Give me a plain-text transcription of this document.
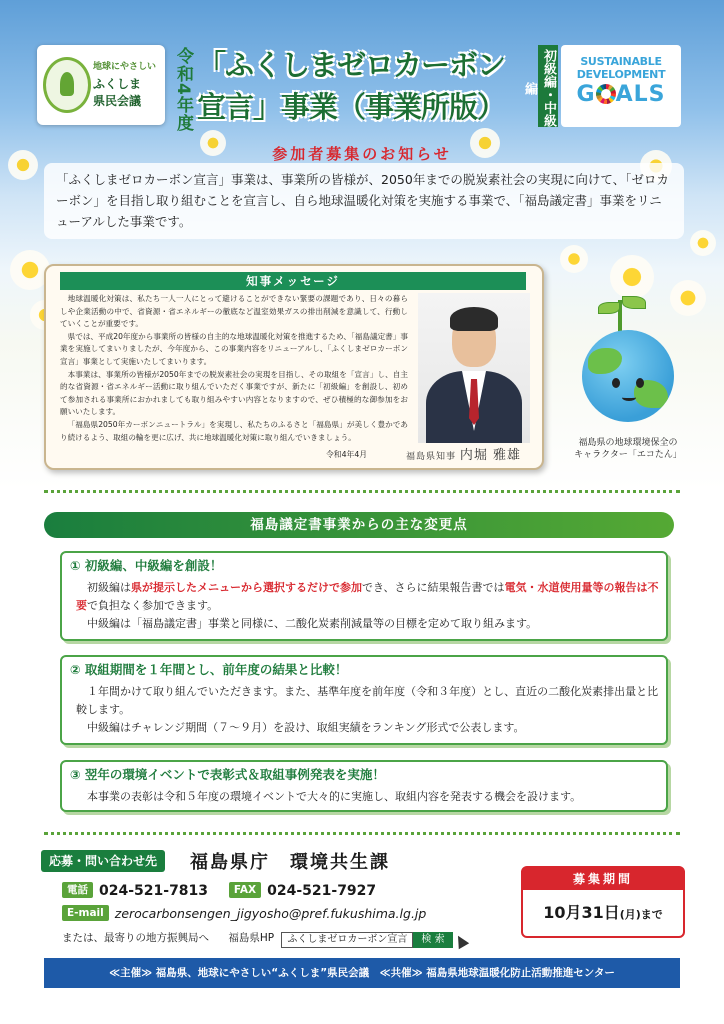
地球にやさしい
ふくしま
県民会議	令和4年度 「ふくしまゼロカーボン
宣言」事業（事業所版）	初級編・中級編
SUSTAINABLE
DEVELOPMENT
G ALS
参加者募集のお知らせ
「ふくしまゼロカーボン宣言」事業は、事業所の皆様が、2050年までの脱炭素社会の実現に向けて、「ゼロカーボン」を目指し取り組むことを宣言し、自ら地球温暖化対策を実施する事業で、「福島議定書」事業をリニューアルした事業です。
知事メッセージ

地球温暖化対策は、私たち一人一人にとって避けることができない緊要の課題であり、日々の暮らしや企業活動の中で、省資源・省エネルギーの徹底など温室効果ガスの排出削減を意識して、行動していくことが重要です。

県では、平成20年度から事業所の皆様の自主的な地球温暖化対策を推進するため、「福島議定書」事業を実施してまいりましたが、今年度から、この事業内容をリニューアルし、「ふくしまゼロカーボン宣言」事業として実施いたしてまいります。

本事業は、事業所の皆様が2050年までの脱炭素社会の実現を目指し、その取組を「宣言」し、自主的な省資源・省エネルギー活動に取り組んでいただく事業ですが、新たに「初級編」を創設し、初めて参加される事業所におかれましても取り組みやすい内容となりますので、ぜひ積極的な御参加をお願いいたします。

「福島県2050年カーボンニュートラル」を実現し、私たちのふるさと「福島県」が美しく豊かであり続けるよう、取組の輪を更に広げ、共に地球温暖化対策に取り組んでいきましょう。

令和4年4月	福島県知事 内堀 雅雄
福島県の地球環境保全の
キャラクター「エコたん」
福島議定書事業からの主な変更点
① 初級編、中級編を創設！
初級編は県が提示したメニューから選択するだけで参加でき、さらに結果報告書では電気・水道使用量等の報告は不要で負担なく参加できます。
中級編は「福島議定書」事業と同様に、二酸化炭素削減量等の目標を定めて取り組みます。
② 取組期間を１年間とし、前年度の結果と比較！
１年間かけて取り組んでいただきます。また、基準年度を前年度（令和３年度）とし、直近の二酸化炭素排出量と比較します。
中級編はチャレンジ期間（７～９月）を設け、取組実績をランキング形式で公表します。
③ 翌年の環境イベントで表彰式＆取組事例発表を実施！
本事業の表彰は令和５年度の環境イベントで大々的に実施し、取組内容を発表する機会を設けます。
応募・問い合わせ先	福島県庁　環境共生課
電話 024-521-7813 FAX 024-521-7927
E-mail zerocarbonsengen_jigyosho@pref.fukushima.lg.jp
または、最寄りの地方振興局へ 福島県HP ふくしまゼロカーボン宣言 検 索
募集期間
10月31日(月)まで
≪主催≫ 福島県、地球にやさしい“ふくしま”県民会議　≪共催≫ 福島県地球温暖化防止活動推進センター
